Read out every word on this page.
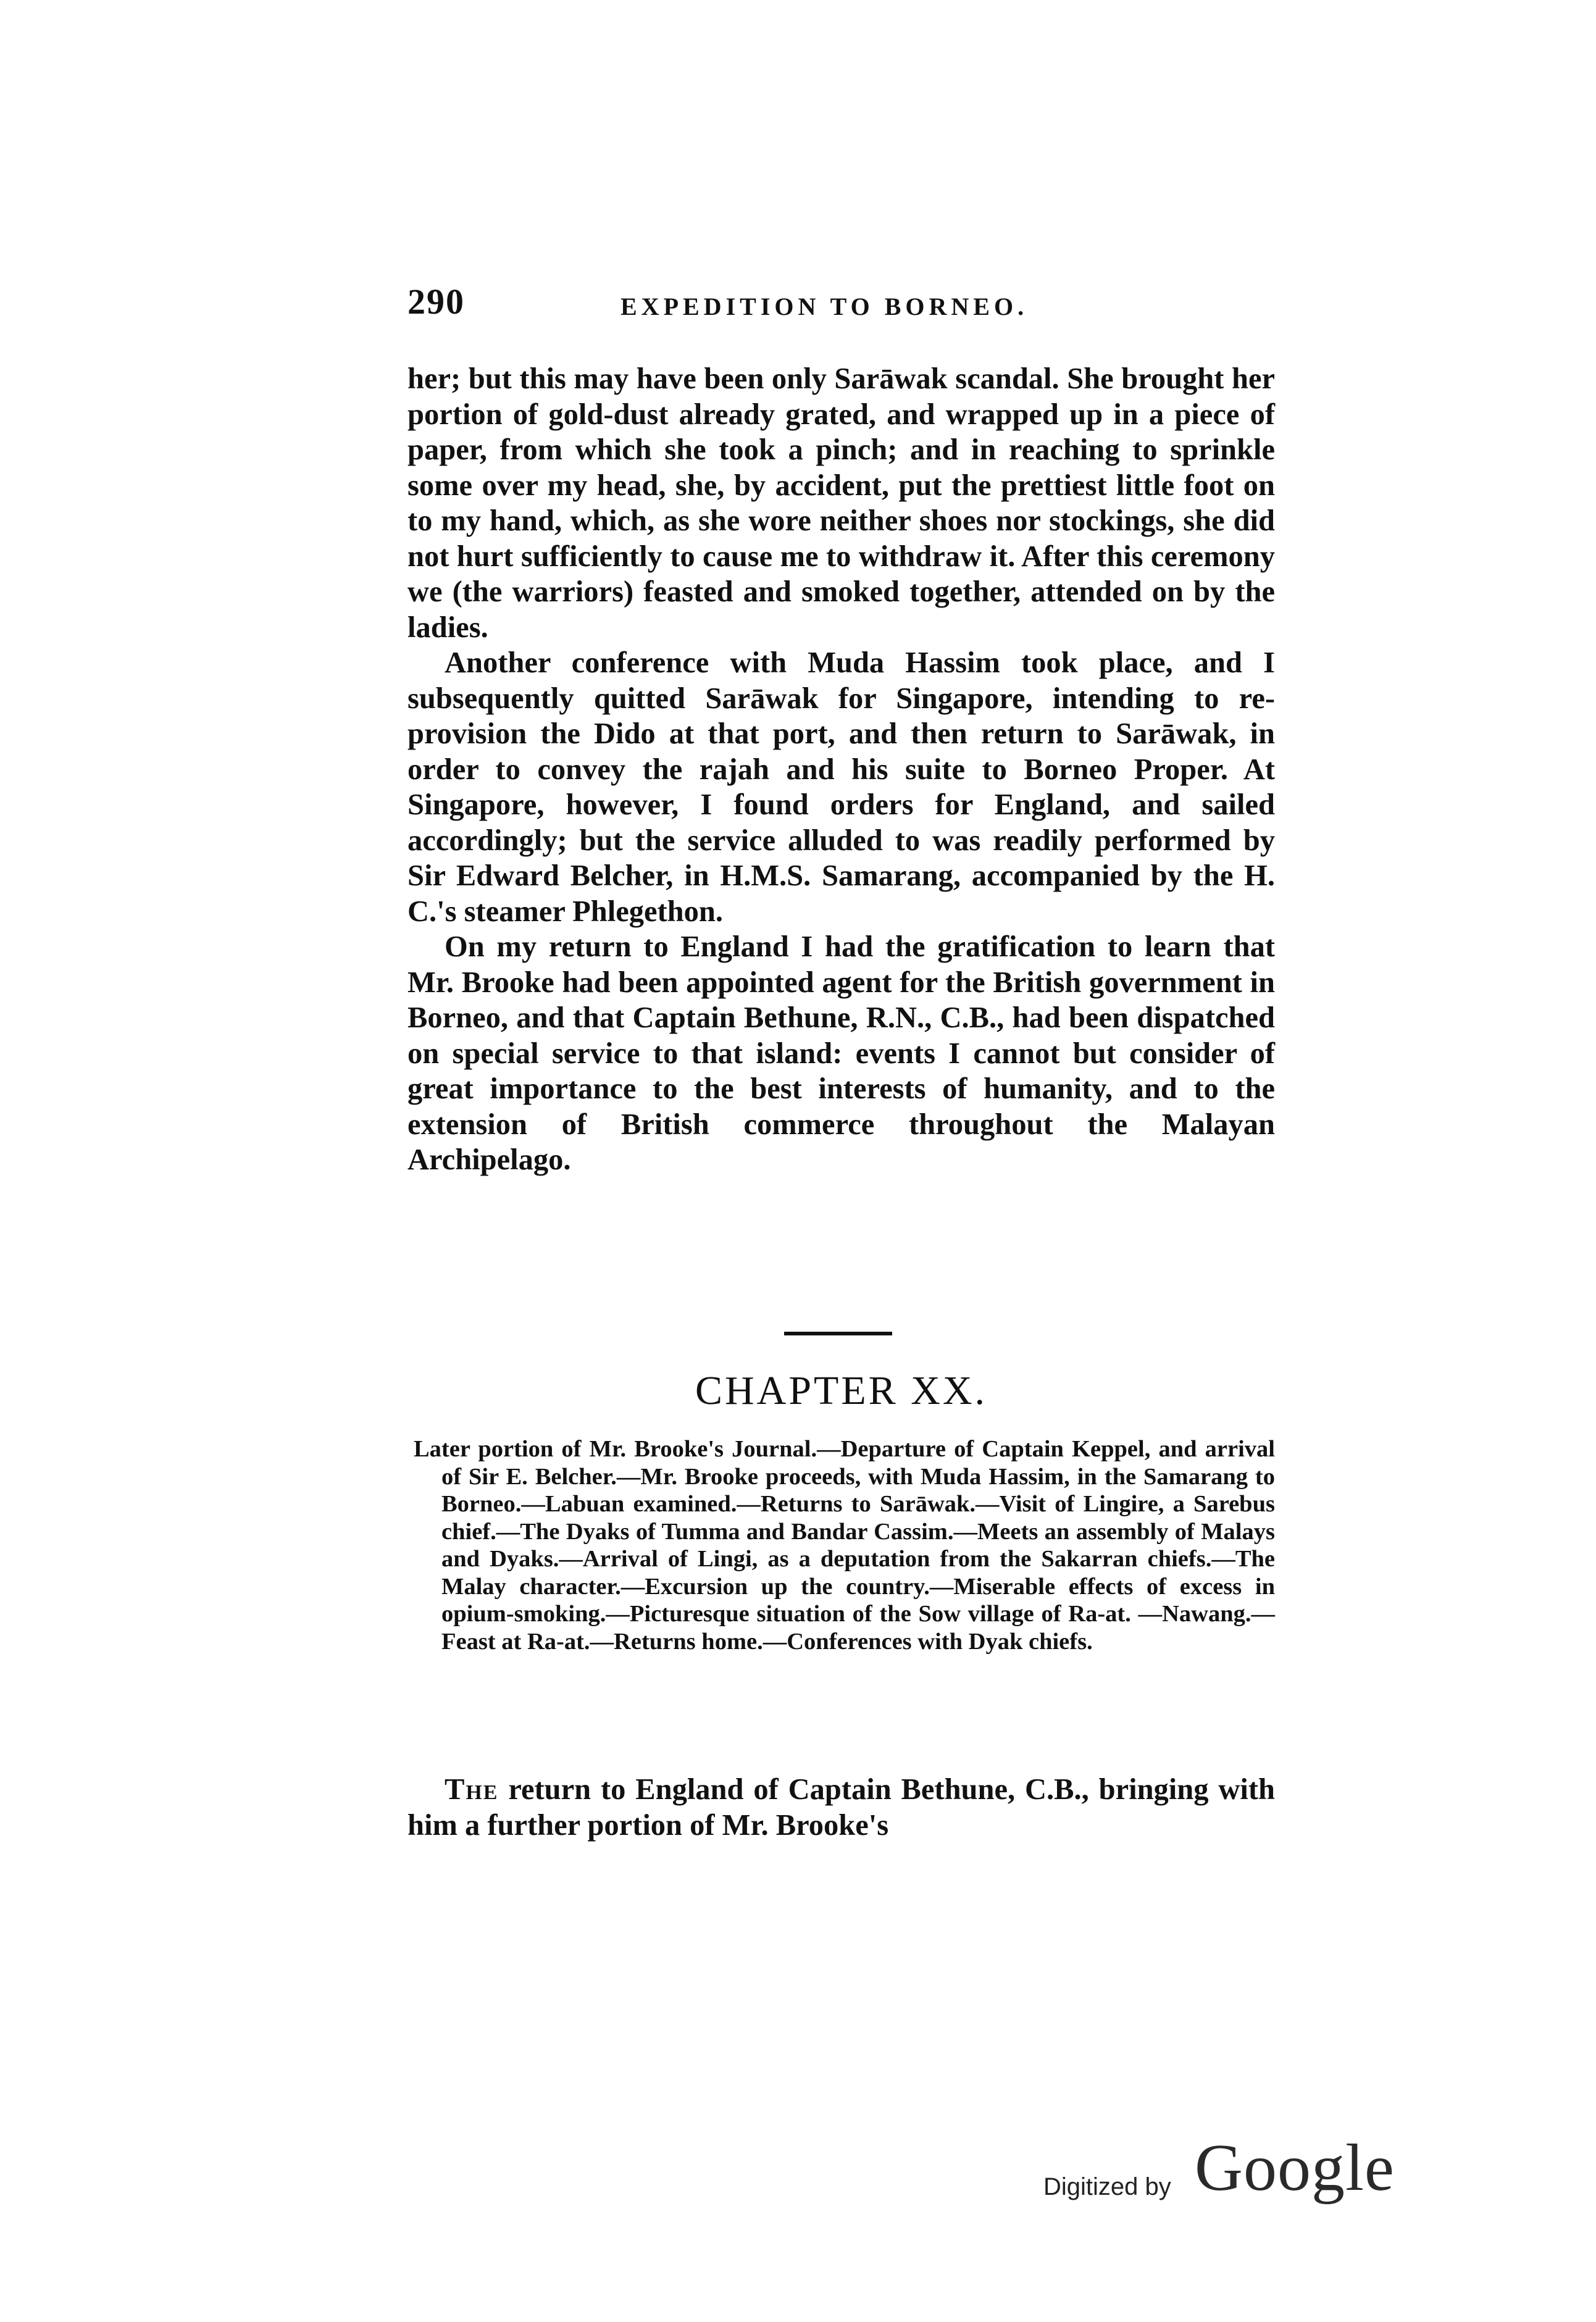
290	EXPEDITION TO BORNEO.

her; but this may have been only Sarāwak scandal. She brought her portion of gold-dust already grated, and wrapped up in a piece of paper, from which she took a pinch; and in reaching to sprinkle some over my head, she, by accident, put the prettiest little foot on to my hand, which, as she wore neither shoes nor stockings, she did not hurt sufficiently to cause me to withdraw it. After this ceremony we (the warriors) feasted and smoked together, attended on by the ladies.

Another conference with Muda Hassim took place, and I subsequently quitted Sarāwak for Singapore, intending to re-provision the Dido at that port, and then return to Sarāwak, in order to convey the rajah and his suite to Borneo Proper. At Singapore, however, I found orders for England, and sailed accordingly; but the service alluded to was readily performed by Sir Edward Belcher, in H.M.S. Samarang, accompanied by the H. C.'s steamer Phlegethon.

On my return to England I had the gratification to learn that Mr. Brooke had been appointed agent for the British government in Borneo, and that Captain Bethune, R.N., C.B., had been dispatched on special service to that island: events I cannot but consider of great importance to the best interests of humanity, and to the extension of British commerce throughout the Malayan Archipelago.

CHAPTER XX.

Later portion of Mr. Brooke's Journal.—Departure of Captain Keppel, and arrival of Sir E. Belcher.—Mr. Brooke proceeds, with Muda Hassim, in the Samarang to Borneo.—Labuan examined.—Returns to Sarāwak.—Visit of Lingire, a Sarebus chief.—The Dyaks of Tumma and Bandar Cassim.—Meets an assembly of Malays and Dyaks.—Arrival of Lingi, as a deputation from the Sakarran chiefs.—The Malay character.—Excursion up the country.—Miserable effects of excess in opium-smoking.—Picturesque situation of the Sow village of Ra-at. —Nawang.—Feast at Ra-at.—Returns home.—Conferences with Dyak chiefs.

The return to England of Captain Bethune, C.B., bringing with him a further portion of Mr. Brooke's

Digitized by Google
